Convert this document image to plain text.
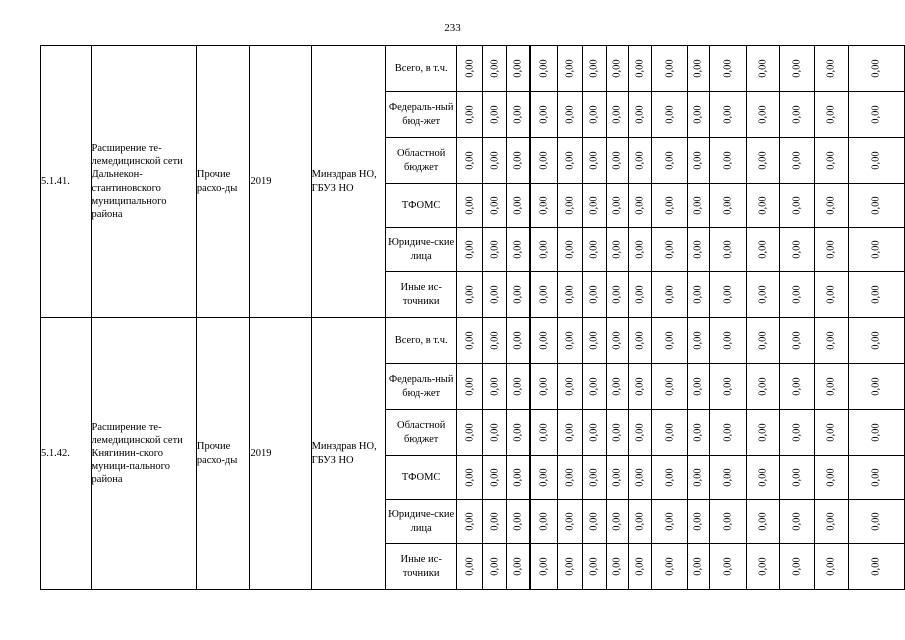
233
5.1.41.	Расширение те-лемедицинской сети Дальнекон-стантиновского муниципального района	Прочие расхо-ды	2019	Минздрав НО, ГБУЗ НО	Всего, в т.ч.	0,00	0,00	0,00	0,00	0,00	0,00	0,00	0,00	0,00	0,00	0,00	0,00	0,00	0,00	0,00
					Федераль-ный бюд-жет	0,00	0,00	0,00	0,00	0,00	0,00	0,00	0,00	0,00	0,00	0,00	0,00	0,00	0,00	0,00
					Областной бюджет	0,00	0,00	0,00	0,00	0,00	0,00	0,00	0,00	0,00	0,00	0,00	0,00	0,00	0,00	0,00
					ТФОМС	0,00	0,00	0,00	0,00	0,00	0,00	0,00	0,00	0,00	0,00	0,00	0,00	0,00	0,00	0,00
					Юридиче-ские лица	0,00	0,00	0,00	0,00	0,00	0,00	0,00	0,00	0,00	0,00	0,00	0,00	0,00	0,00	0,00
					Иные ис-точники	0,00	0,00	0,00	0,00	0,00	0,00	0,00	0,00	0,00	0,00	0,00	0,00	0,00	0,00	0,00
5.1.42.	Расширение те-лемедицинской сети Княгинин-ского муници-пального района	Прочие расхо-ды	2019	Минздрав НО, ГБУЗ НО	Всего, в т.ч.	0,00	0,00	0,00	0,00	0,00	0,00	0,00	0,00	0,00	0,00	0,00	0,00	0,00	0,00	0,00
					Федераль-ный бюд-жет	0,00	0,00	0,00	0,00	0,00	0,00	0,00	0,00	0,00	0,00	0,00	0,00	0,00	0,00	0,00
					Областной бюджет	0,00	0,00	0,00	0,00	0,00	0,00	0,00	0,00	0,00	0,00	0,00	0,00	0,00	0,00	0,00
					ТФОМС	0,00	0,00	0,00	0,00	0,00	0,00	0,00	0,00	0,00	0,00	0,00	0,00	0,00	0,00	0,00
					Юридиче-ские лица	0,00	0,00	0,00	0,00	0,00	0,00	0,00	0,00	0,00	0,00	0,00	0,00	0,00	0,00	0,00
					Иные ис-точники	0,00	0,00	0,00	0,00	0,00	0,00	0,00	0,00	0,00	0,00	0,00	0,00	0,00	0,00	0,00
